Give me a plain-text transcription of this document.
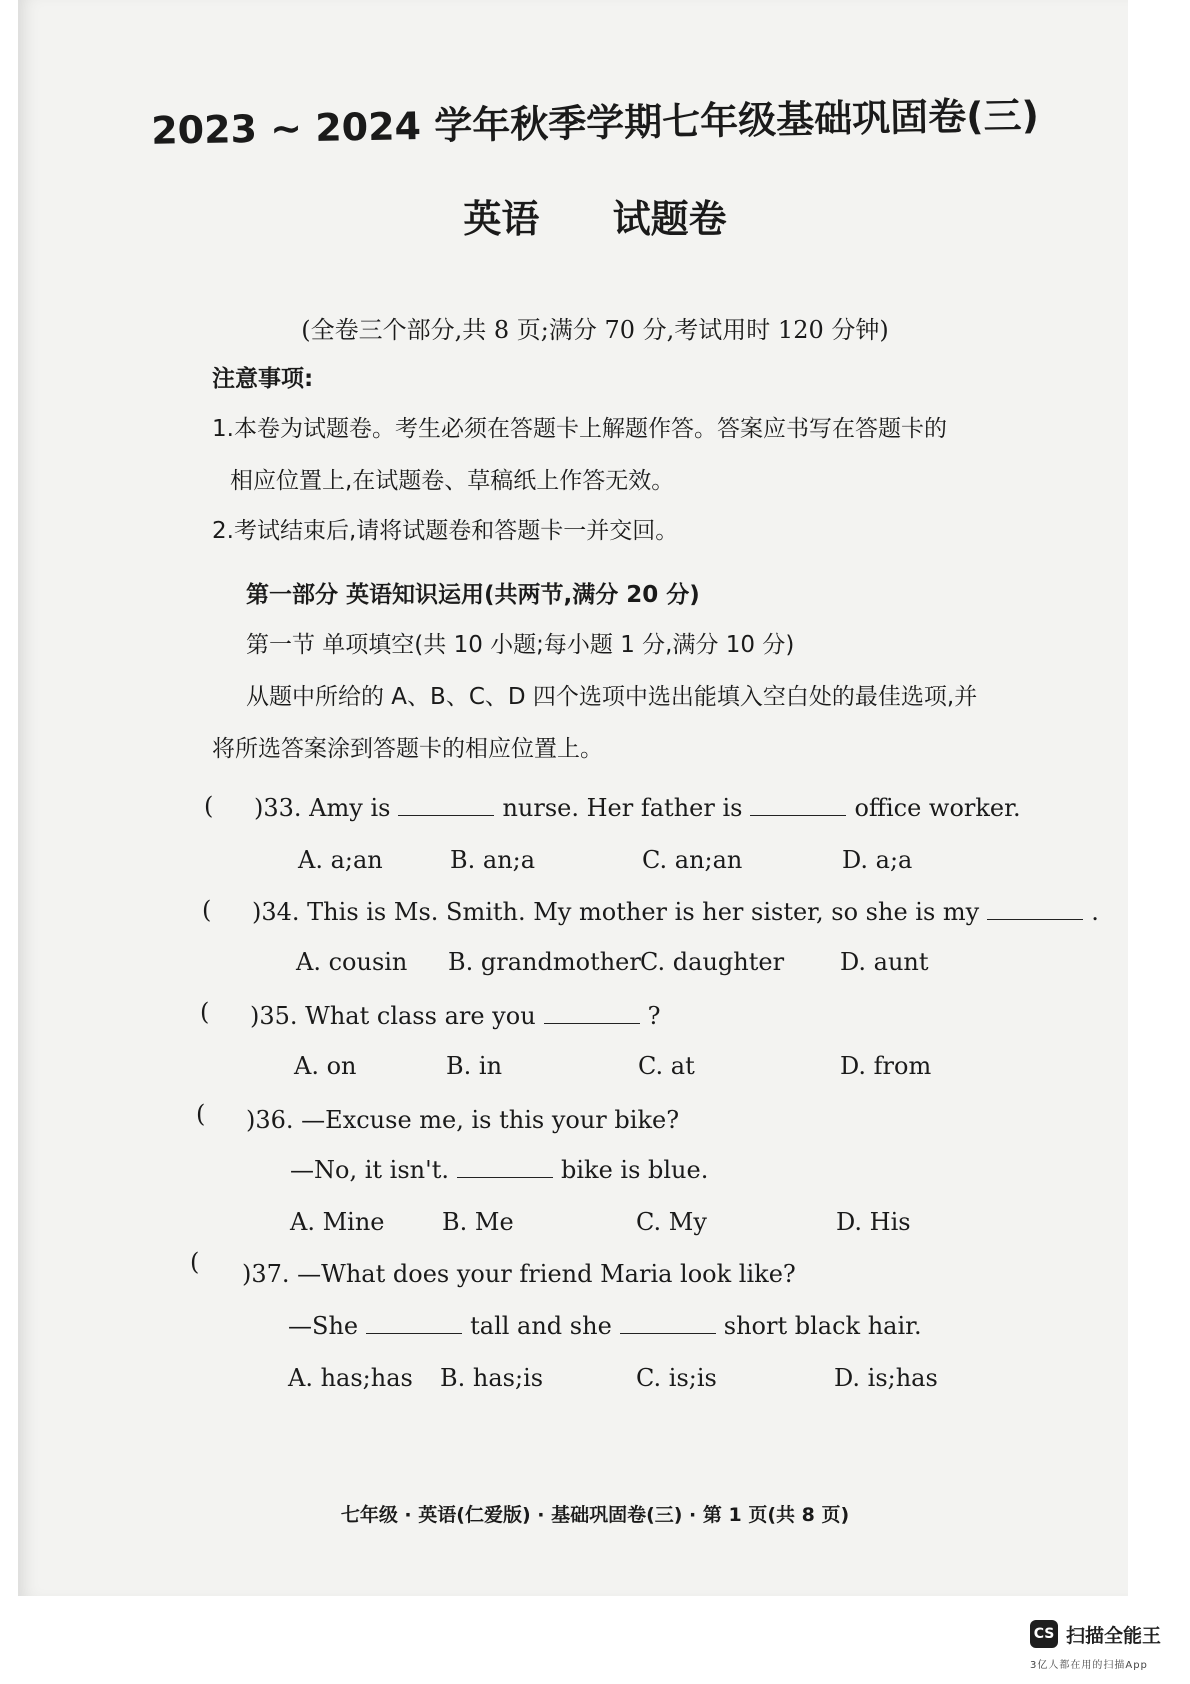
2023 ~ 2024 学年秋季学期七年级基础巩固卷(三)
英语 试题卷
(全卷三个部分,共 8 页;满分 70 分,考试用时 120 分钟)
注意事项:
1.本卷为试题卷。考生必须在答题卡上解题作答。答案应书写在答题卡的
相应位置上,在试题卷、草稿纸上作答无效。
2.考试结束后,请将试题卷和答题卡一并交回。
第一部分 英语知识运用(共两节,满分 20 分)
第一节 单项填空(共 10 小题;每小题 1 分,满分 10 分)
从题中所给的 A、B、C、D 四个选项中选出能填入空白处的最佳选项,并
将所选答案涂到答题卡的相应位置上。
( )33. Amy is	nurse. Her father is	office worker.
A. a;an	B. an;a	C. an;an	D. a;a
( )34. This is Ms. Smith. My mother is her sister, so she is my	.
A. cousin B. grandmother C. daughter D. aunt
( )35. What class are you	?
A. on	B. in	C. at	D. from
( )36. —Excuse me, is this your bike?
—No, it isn't.	bike is blue.
A. Mine B. Me	C. My	D. His
( )37. —What does your friend Maria look like?
—She	tall and she	short black hair.
A. has;has B. has;is	C. is;is	D. is;has
七年级 · 英语(仁爱版) · 基础巩固卷(三) · 第 1 页(共 8 页)
CS 扫描全能王
3亿人都在用的扫描App
